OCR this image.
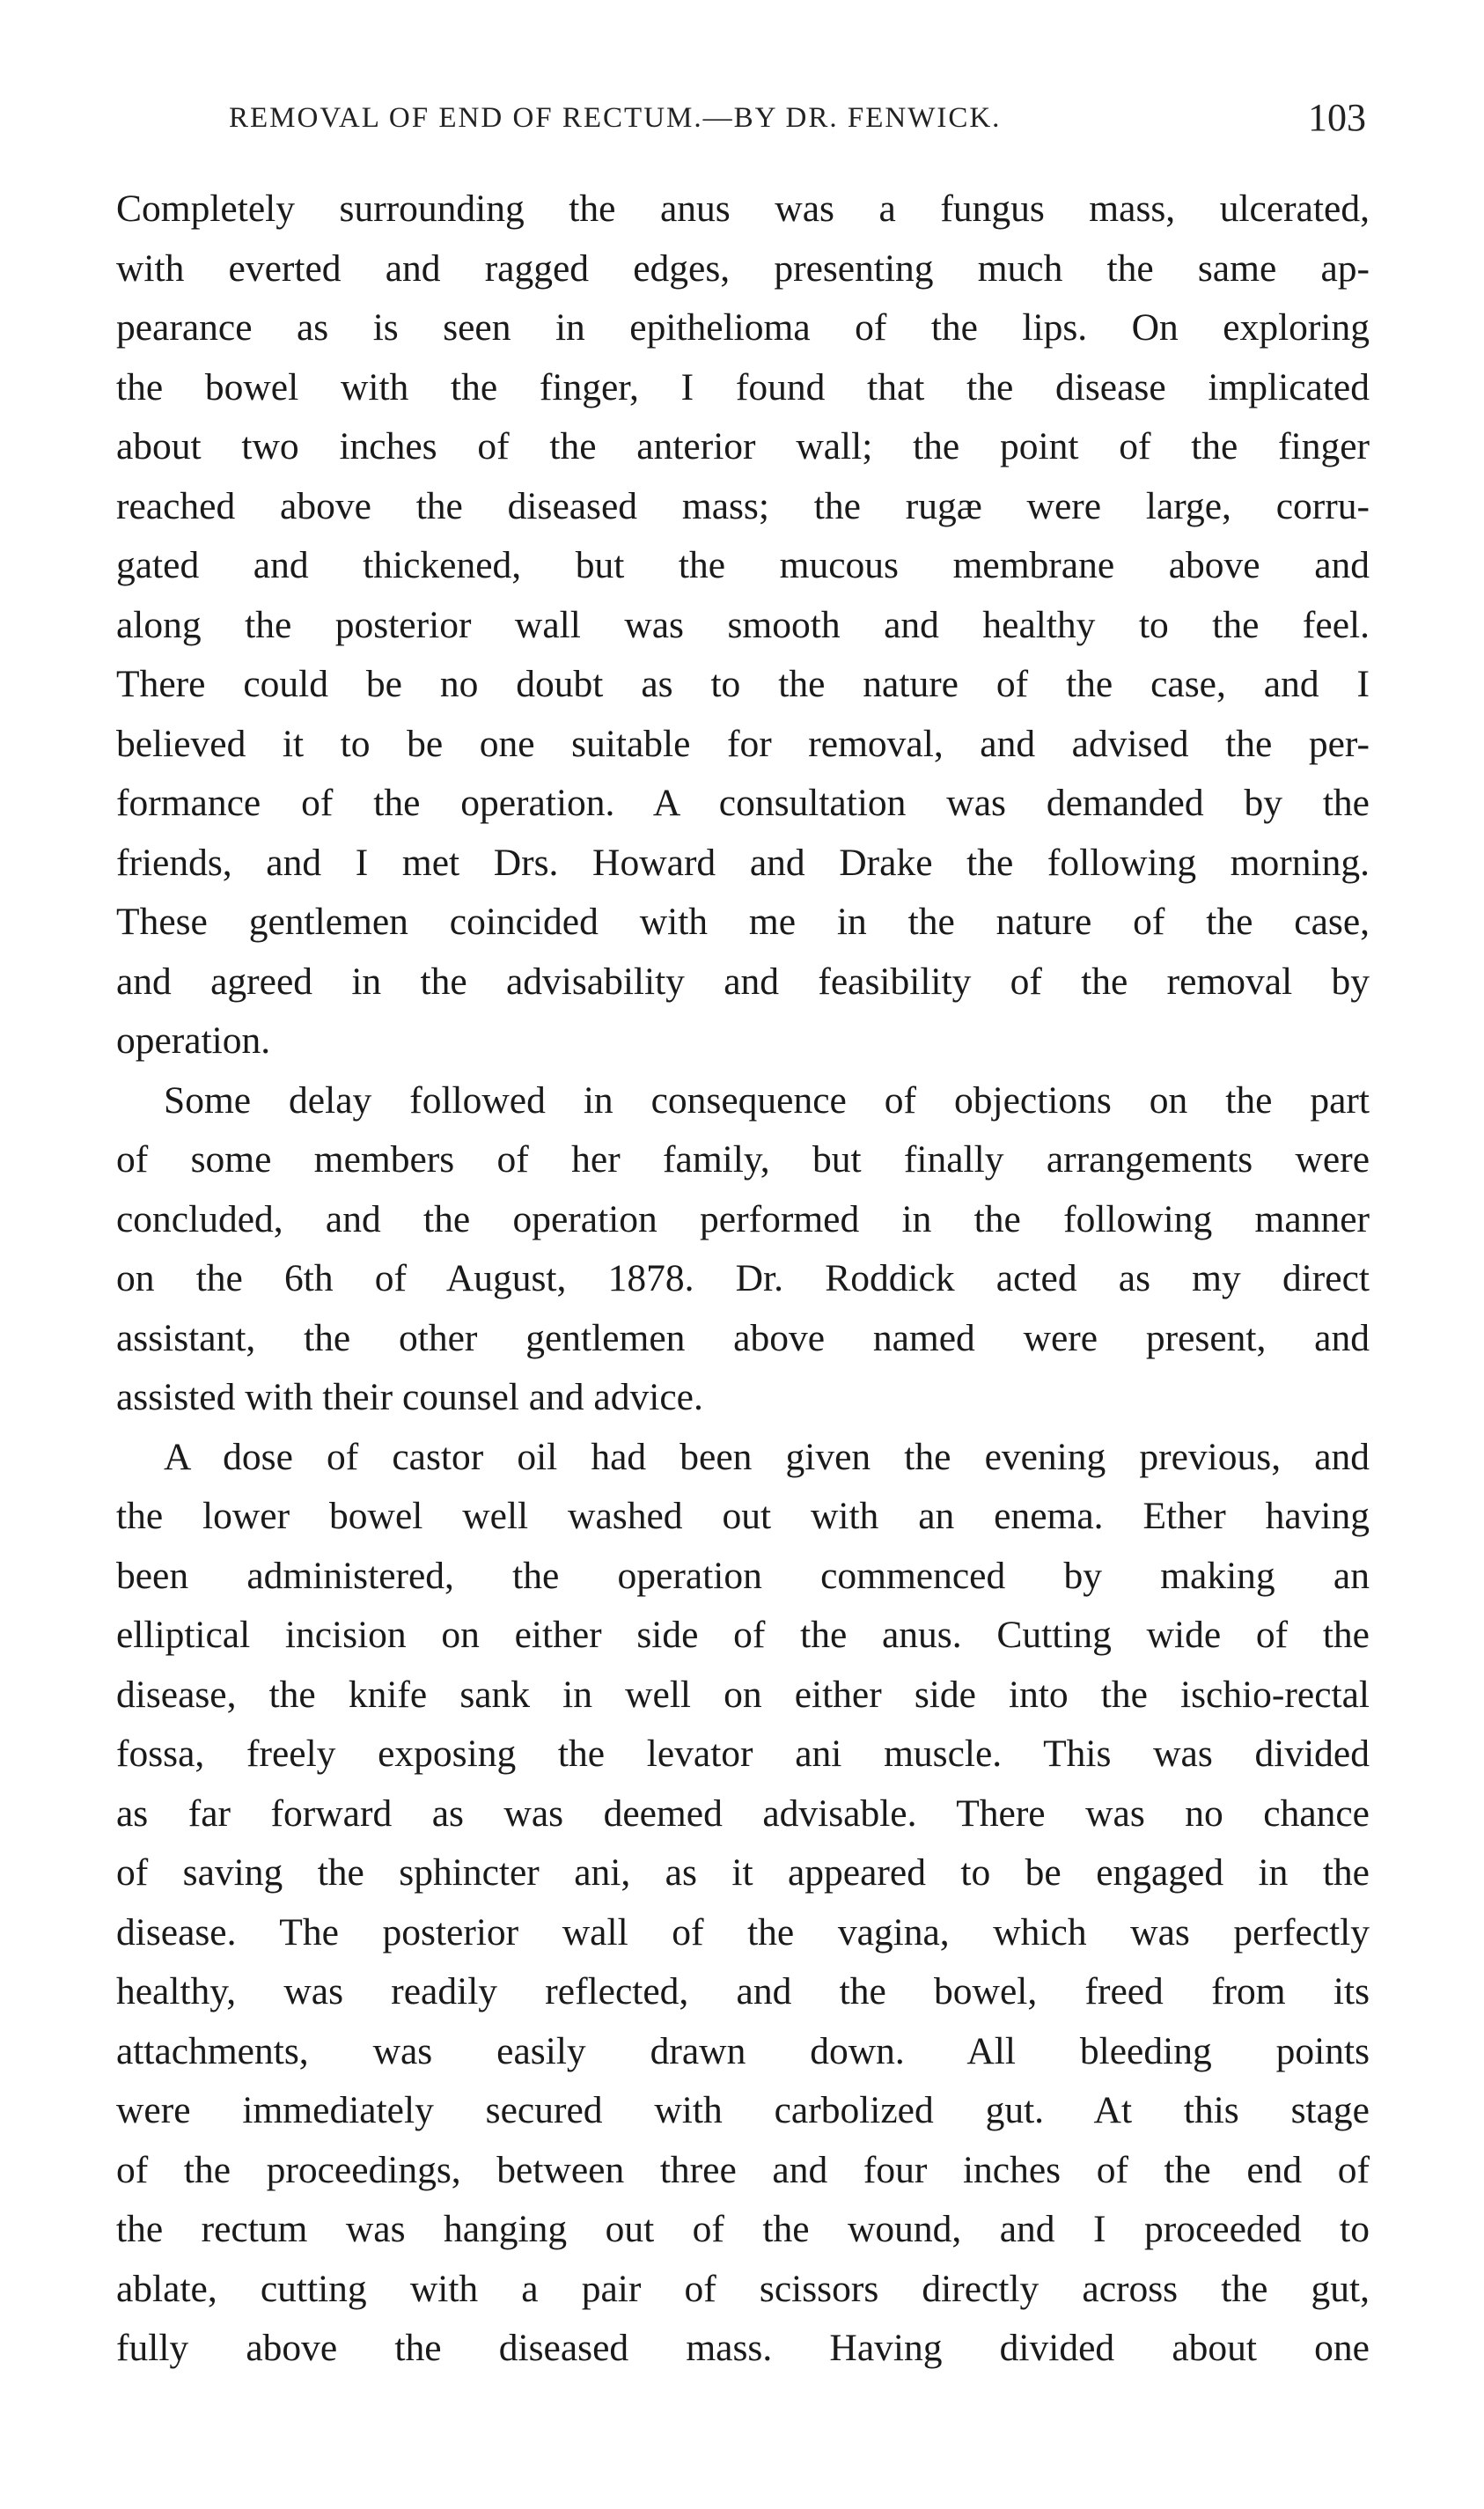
REMOVAL OF END OF RECTUM.—BY DR. FENWICK.	103
Completely surrounding the anus was a fungus mass, ulcerated,
with everted and ragged edges, presenting much the same ap-
pearance as is seen in epithelioma of the lips. On exploring
the bowel with the finger, I found that the disease implicated
about two inches of the anterior wall; the point of the finger
reached above the diseased mass; the rugæ were large, corru-
gated and thickened, but the mucous membrane above and
along the posterior wall was smooth and healthy to the feel.
There could be no doubt as to the nature of the case, and I
believed it to be one suitable for removal, and advised the per-
formance of the operation. A consultation was demanded by the
friends, and I met Drs. Howard and Drake the following morning.
These gentlemen coincided with me in the nature of the case,
and agreed in the advisability and feasibility of the removal by
operation.
Some delay followed in consequence of objections on the part
of some members of her family, but finally arrangements were
concluded, and the operation performed in the following manner
on the 6th of August, 1878. Dr. Roddick acted as my direct
assistant, the other gentlemen above named were present, and
assisted with their counsel and advice.
A dose of castor oil had been given the evening previous, and
the lower bowel well washed out with an enema. Ether having
been administered, the operation commenced by making an
elliptical incision on either side of the anus. Cutting wide of the
disease, the knife sank in well on either side into the ischio-rectal
fossa, freely exposing the levator ani muscle. This was divided
as far forward as was deemed advisable. There was no chance
of saving the sphincter ani, as it appeared to be engaged in the
disease. The posterior wall of the vagina, which was perfectly
healthy, was readily reflected, and the bowel, freed from its
attachments, was easily drawn down. All bleeding points
were immediately secured with carbolized gut. At this stage
of the proceedings, between three and four inches of the end of
the rectum was hanging out of the wound, and I proceeded to
ablate, cutting with a pair of scissors directly across the gut,
fully above the diseased mass. Having divided about one
